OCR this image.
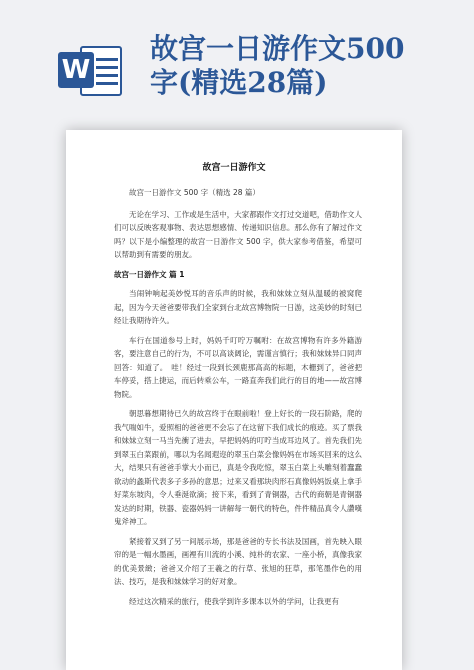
W
故宫一日游作文500字(精选28篇)
故宫一日游作文

故宫一日游作文 500 字（精选 28 篇）

无论在学习、工作或是生活中，大家都跟作文打过交道吧，借助作文人们可以反映客观事物、表达思想感情、传递知识信息。那么你有了解过作文吗？以下是小编整理的故宫一日游作文 500 字，供大家参考借鉴，希望可以帮助到有需要的朋友。

故宫一日游作文 篇 1

当闹钟响起美妙悦耳的音乐声的时候，我和妹妹立刻从温暖的被窝爬起，因为今天爸爸要带我们全家到台北故宫博物院一日游，这美妙的时刻已经让我期待许久。

车行在国道参号上时，妈妈千叮咛万嘱咐：在故宫博物有许多外籍游客，要注意自己的行为，不可以高谈阔论，需谨言慎行；我和妹妹异口同声回答：知道了。　哇！经过一段到长颈鹿那高高的标题，木栅到了，爸爸把车停妥，搭上捷运，而后转乘公车，一路直奔我们此行的目的地——故宫博物院。

朝思暮想期待已久的故宫终于在眼前啦！登上好长的一段石阶路，爬的我气喘如牛，爱照相的爸爸更不会忘了在这留下我们成长的痕迹。买了票我和妹妹立刻一马当先衝了进去，早把妈妈的叮咛当成耳边风了。首先我们先到翠玉白菜跟前，哪以为名闻遐迩的翠玉白菜会像妈妈在市场买回来的这么大，结果只有爸爸手掌大小而已，真是令我吃惊，翠玉白菜上头雕刻着蠢蠢欲动的螽斯代表多子多孙的意思；过来又看那块肉形石真像妈妈饭桌上拿手好菜东坡肉，令人垂涎欲滴；接下来，看到了青铜器，古代的商朝是青铜器发达的时期，铁器、瓷器妈妈一讲解每一朝代的特色，件件精品真令人讚嘆鬼斧神工。

紧接着又到了另一间展示场，那是爸爸的专长书法及国画，首先映入眼帘的是一幅水墨画，画裡有川流的小溪、纯朴的农家、一座小桥，真像我家的优美景緻；爸爸又介绍了王羲之的行草、张旭的狂草，那笔墨作色的用法、技巧，是我和妹妹学习的好对象。

经过这次精采的旅行，使我学到许多课本以外的学问，让我更有
